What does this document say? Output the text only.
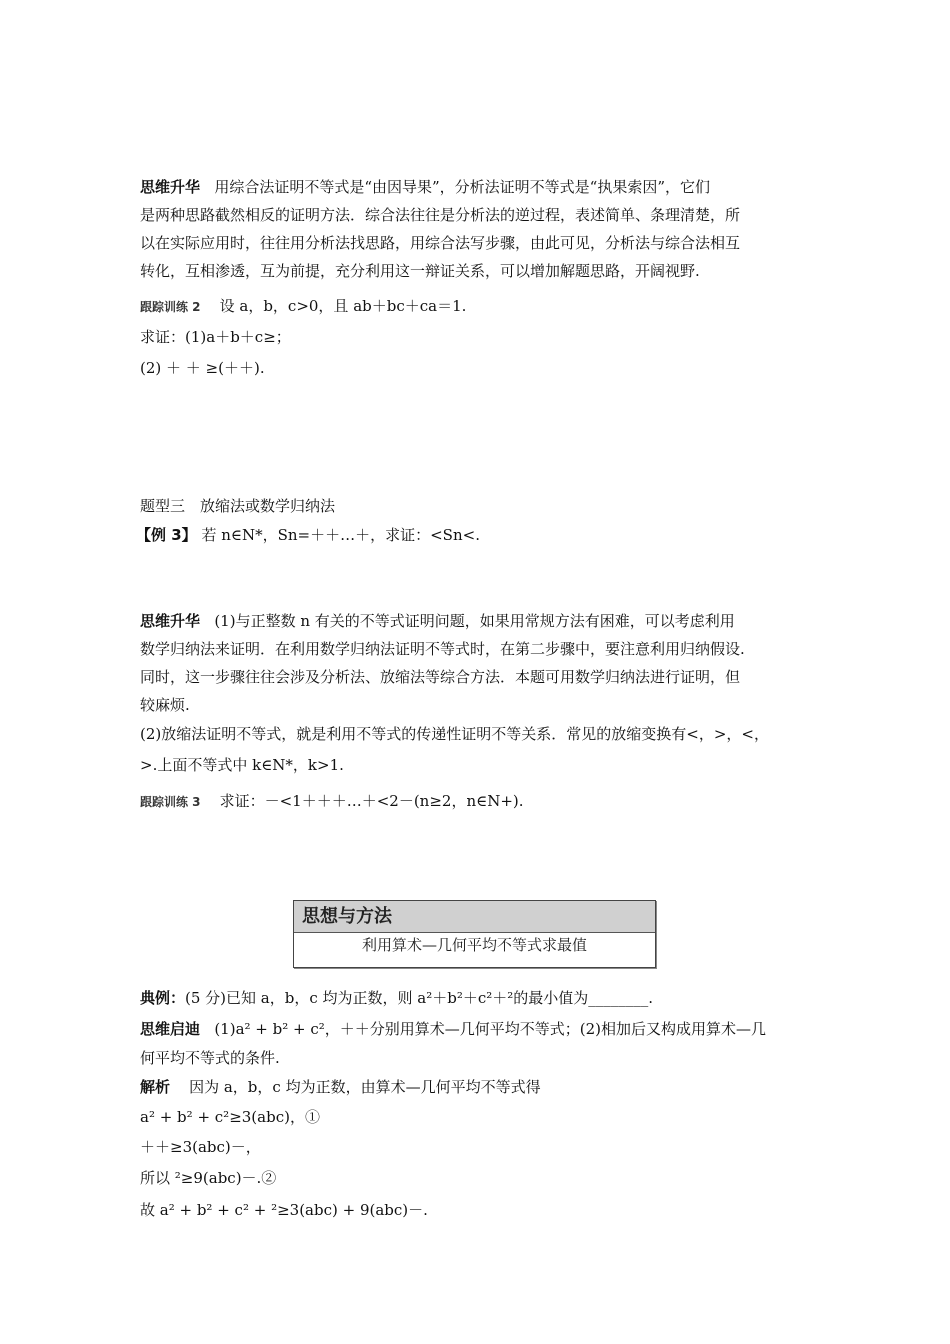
思维升华 用综合法证明不等式是“由因导果”，分析法证明不等式是“执果索因”，它们
是两种思路截然相反的证明方法．综合法往往是分析法的逆过程，表述简单、条理清楚，所
以在实际应用时，往往用分析法找思路，用综合法写步骤，由此可见，分析法与综合法相互
转化，互相渗透，互为前提，充分利用这一辩证关系，可以增加解题思路，开阔视野.
跟踪训练 2 设 a，b，c>0，且 ab＋bc＋ca＝1.
求证：(1)a＋b＋c≥；
(2) ＋ ＋ ≥(＋＋).
题型三　放缩法或数学归纳法
【例 3】 若 n∈N*，Sn=＋＋…＋，求证：<Sn<.
思维升华 (1)与正整数 n 有关的不等式证明问题，如果用常规方法有困难，可以考虑利用
数学归纳法来证明．在利用数学归纳法证明不等式时，在第二步骤中，要注意利用归纳假设.
同时，这一步骤往往会涉及分析法、放缩法等综合方法．本题可用数学归纳法进行证明，但
较麻烦.
(2)放缩法证明不等式，就是利用不等式的传递性证明不等关系．常见的放缩变换有<，>，<，
>.上面不等式中 k∈N*，k>1.
跟踪训练 3 求证：－<1＋＋＋…＋<2－(n≥2，n∈N+).
思想与方法
利用算术—几何平均不等式求最值
典例：(5 分)已知 a，b，c 均为正数，则 a²＋b²＋c²＋²的最小值为________.
思维启迪 (1)a² + b² + c²，＋＋分别用算术—几何平均不等式；(2)相加后又构成用算术—几
何平均不等式的条件.
解析 因为 a，b，c 均为正数，由算术—几何平均不等式得
a² + b² + c²≥3(abc)，①
＋＋≥3(abc)－，
所以 ²≥9(abc)－.②
故 a² + b² + c² + ²≥3(abc) + 9(abc)－.
